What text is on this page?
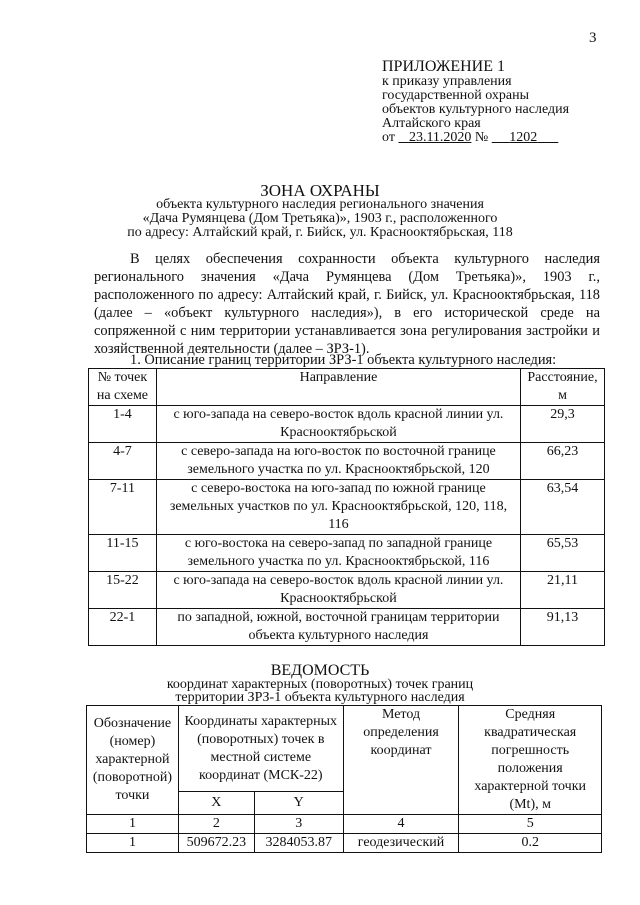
3
ПРИЛОЖЕНИЕ 1
к приказу управления
государственной охраны
объектов культурного наследия
Алтайского края
от 23.11.2020 № 1202
ЗОНА ОХРАНЫ
объекта культурного наследия регионального значения
«Дача Румянцева (Дом Третьяка)», 1903 г., расположенного
по адресу: Алтайский край, г. Бийск, ул. Краснооктябрьская, 118

В целях обеспечения сохранности объекта культурного наследия регионального значения «Дача Румянцева (Дом Третьяка)», 1903 г., расположенного по адресу: Алтайский край, г. Бийск, ул. Краснооктябрьская, 118 (далее – «объект культурного наследия»), в его исторической среде на сопряженной с ним территории устанавливается зона регулирования застройки и хозяйственной деятельности (далее – ЗРЗ-1).

1. Описание границ территории ЗРЗ-1 объекта культурного наследия:
№ точек на схеме	Направление	Расстояние, м
1-4	с юго-запада на северо-восток вдоль красной линии ул. Краснооктябрьской	29,3
4-7	с северо-запада на юго-восток по восточной границе земельного участка по ул. Краснооктябрьской, 120	66,23
7-11	с северо-востока на юго-запад по южной границе земельных участков по ул. Краснооктябрьской, 120, 118, 116	63,54
11-15	с юго-востока на северо-запад по западной границе земельного участка по ул. Краснооктябрьской, 116	65,53
15-22	с юго-запада на северо-восток вдоль красной линии ул. Краснооктябрьской	21,11
22-1	по западной, южной, восточной границам территории объекта культурного наследия	91,13
ВЕДОМОСТЬ
координат характерных (поворотных) точек границ
территории ЗРЗ-1 объекта культурного наследия
Обозначение (номер) характерной (поворотной) точки	Координаты характерных (поворотных) точек в местной системе координат (МСК-22)		Метод определения координат	Средняя квадратическая погрешность положения характерной точки (Mt), м
	X	Y		
1	2	3	4	5
1	509672.23	3284053.87	геодезический	0.2
